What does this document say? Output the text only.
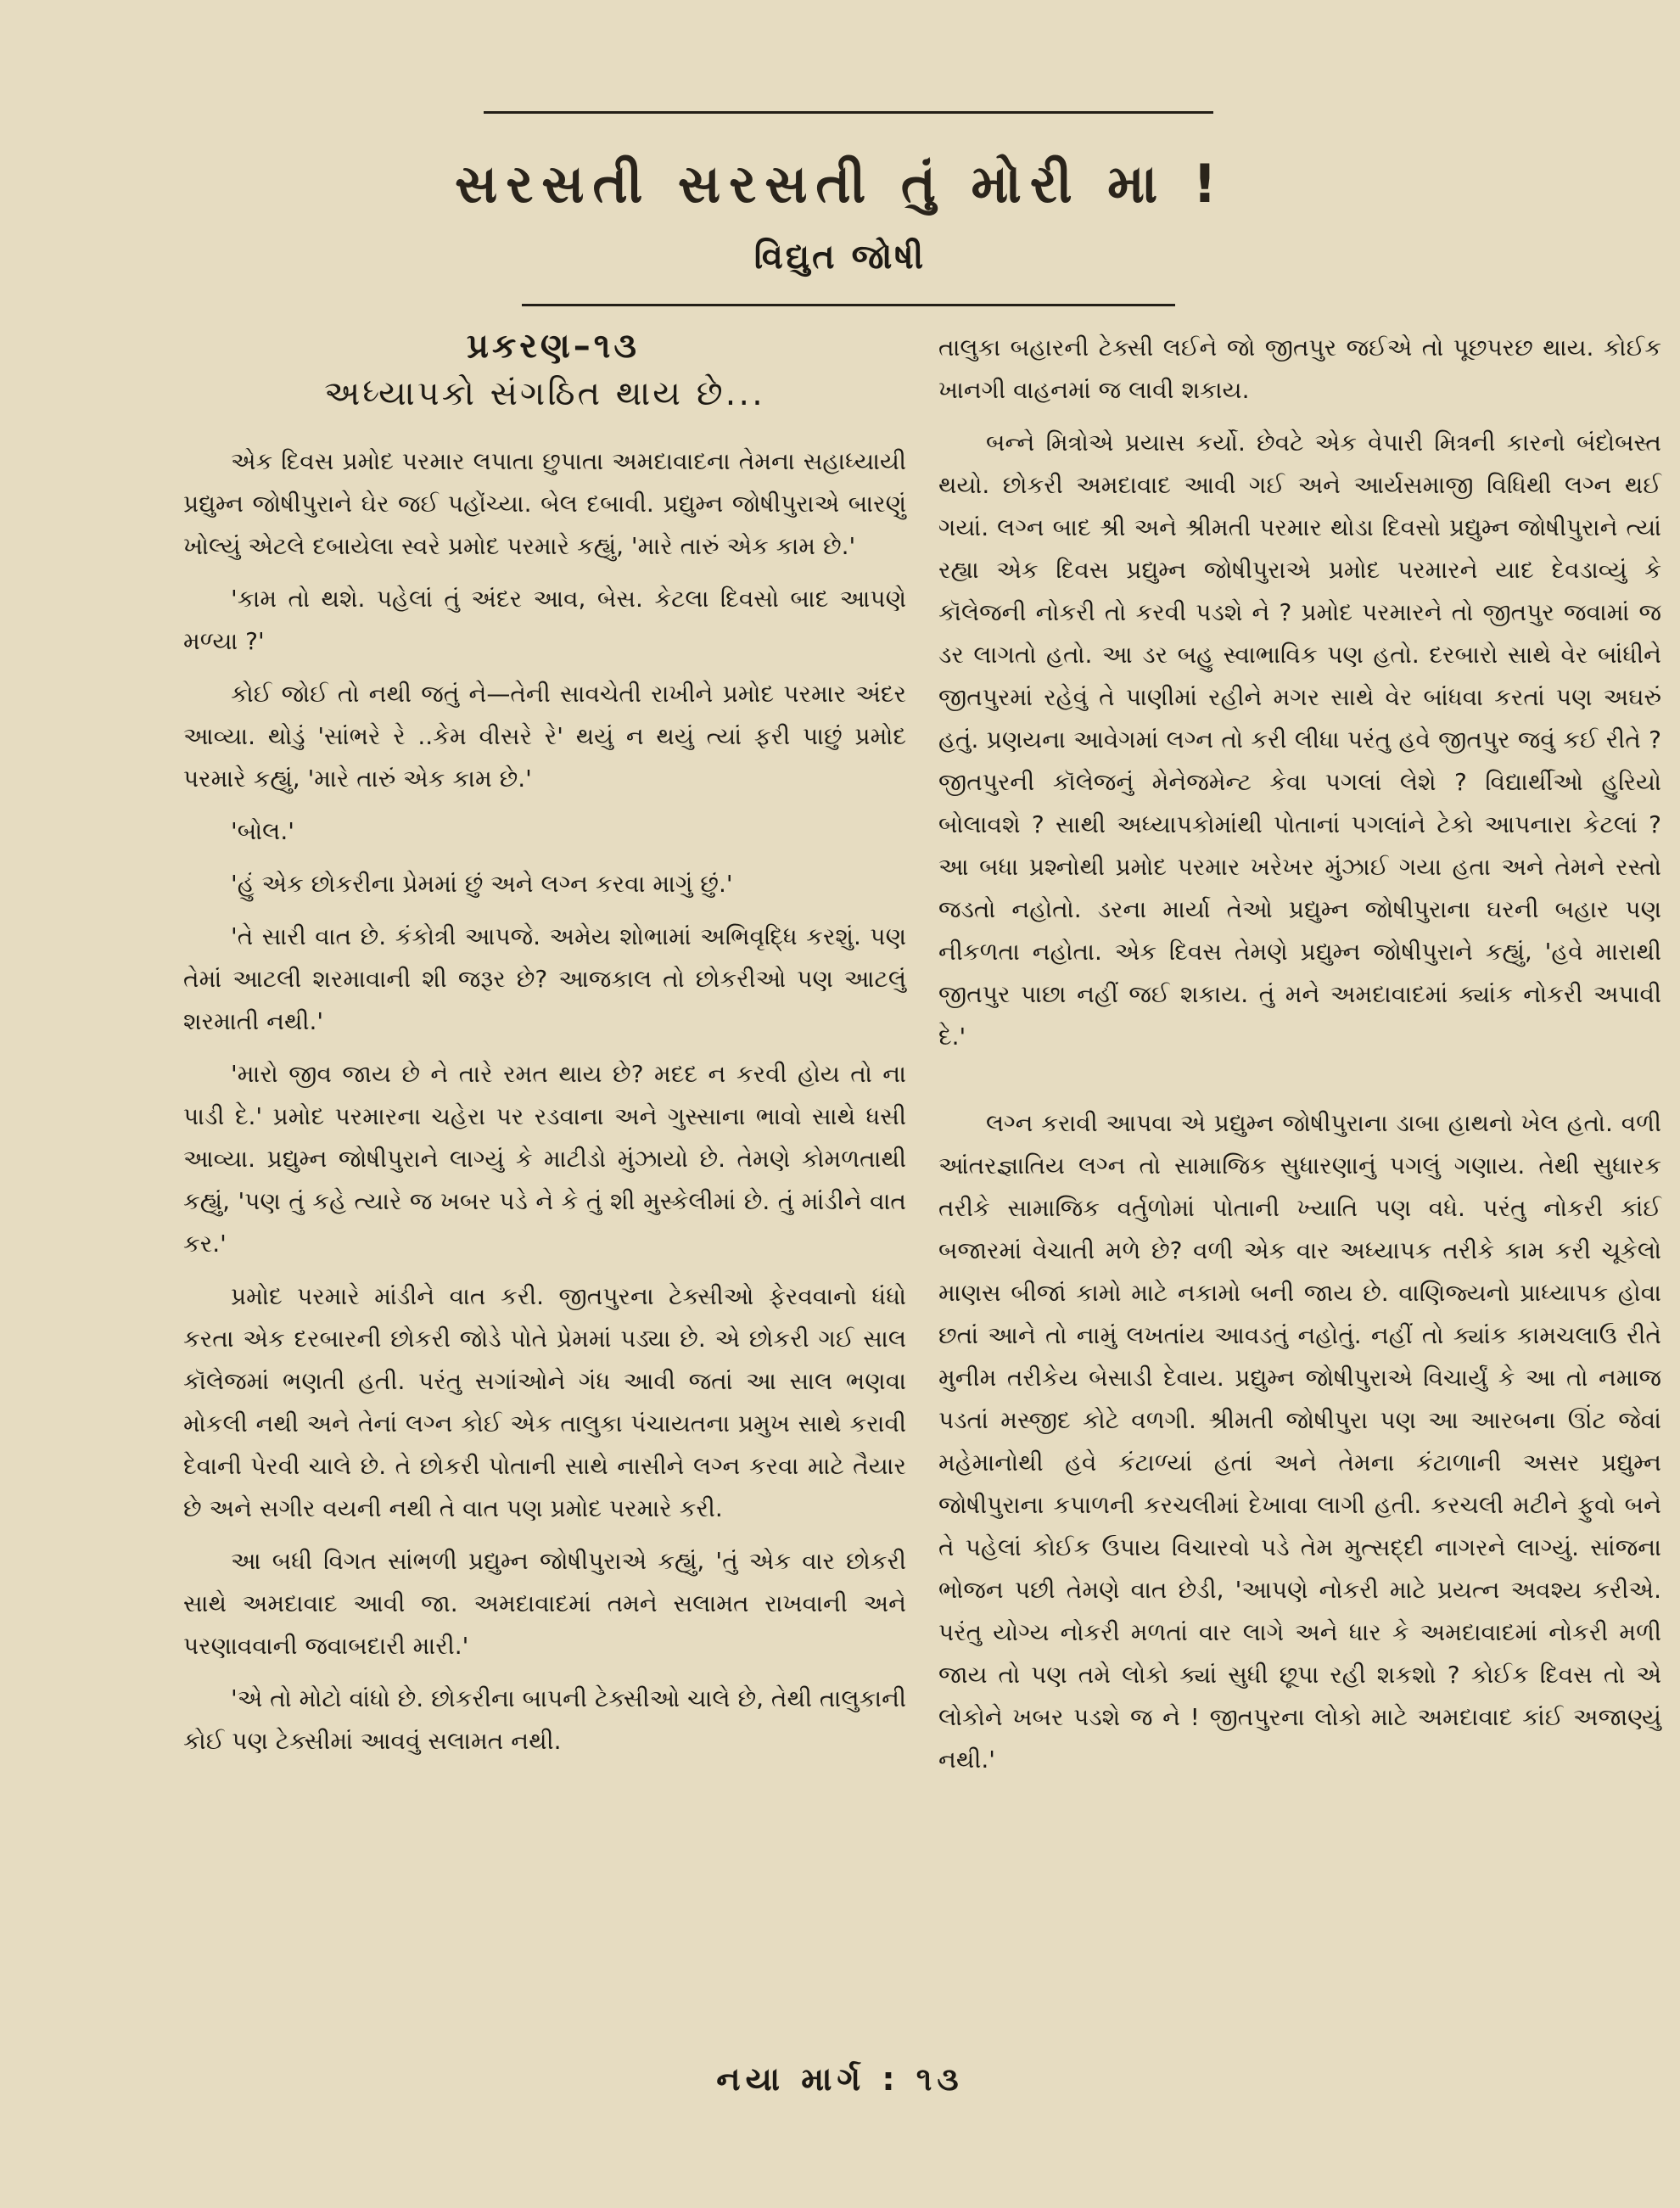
સરસતી સરસતી તું મોરી મા !
વિદ્યુત જોષી
પ્રકરણ–૧૩
અધ્યાપકો સંગઠિત થાય છે...

એક દિવસ પ્રમોદ પરમાર લપાતા છુપાતા અમદાવાદના તેમના સહાધ્યાયી પ્રદ્યુમ્ન જોષીપુરાને ઘેર જઈ પહોંચ્યા. બેલ દબાવી. પ્રદ્યુમ્ન જોષીપુરાએ બારણું ખોલ્યું એટલે દબાયેલા સ્વરે પ્રમોદ પરમારે કહ્યું, 'મારે તારું એક કામ છે.'

'કામ તો થશે. પહેલાં તું અંદર આવ, બેસ. કેટલા દિવસો બાદ આપણે મળ્યા ?'

કોઈ જોઈ તો નથી જતું ને—તેની સાવચેતી રાખીને પ્રમોદ પરમાર અંદર આવ્યા. થોડું 'સાંભરે રે ..કેમ વીસરે રે' થયું ન થયું ત્યાં ફરી પાછું પ્રમોદ પરમારે કહ્યું, 'મારે તારું એક કામ છે.'

'બોલ.'

'હું એક છોકરીના પ્રેમમાં છું અને લગ્ન કરવા માગું છું.'

'તે સારી વાત છે. કંકોત્રી આપજે. અમેય શોભામાં અભિવૃદ્ધિ કરશું. પણ તેમાં આટલી શરમાવાની શી જરૂર છે? આજકાલ તો છોકરીઓ પણ આટલું શરમાતી નથી.'

'મારો જીવ જાય છે ને તારે રમત થાય છે? મદદ ન કરવી હોય તો ના પાડી દે.' પ્રમોદ પરમારના ચહેરા પર રડવાના અને ગુસ્સાના ભાવો સાથે ધસી આવ્યા. પ્રદ્યુમ્ન જોષીપુરાને લાગ્યું કે માટીડો મુંઝાયો છે. તેમણે કોમળતાથી કહ્યું, 'પણ તું કહે ત્યારે જ ખબર પડે ને કે તું શી મુસ્કેલીમાં છે. તું માંડીને વાત કર.'

પ્રમોદ પરમારે માંડીને વાત કરી. જીતપુરના ટેક્સીઓ ફેરવવાનો ધંધો કરતા એક દરબારની છોકરી જોડે પોતે પ્રેમમાં પડ્યા છે. એ છોકરી ગઈ સાલ કૉલેજમાં ભણતી હતી. પરંતુ સગાંઓને ગંધ આવી જતાં આ સાલ ભણવા મોકલી નથી અને તેનાં લગ્ન કોઈ એક તાલુકા પંચાયતના પ્રમુખ સાથે કરાવી દેવાની પેરવી ચાલે છે. તે છોકરી પોતાની સાથે નાસીને લગ્ન કરવા માટે તૈયાર છે અને સગીર વયની નથી તે વાત પણ પ્રમોદ પરમારે કરી.

આ બધી વિગત સાંભળી પ્રદ્યુમ્ન જોષીપુરાએ કહ્યું, 'તું એક વાર છોકરી સાથે અમદાવાદ આવી જા. અમદાવાદમાં તમને સલામત રાખવાની અને પરણાવવાની જવાબદારી મારી.'

'એ તો મોટો વાંધો છે. છોકરીના બાપની ટેક્સીઓ ચાલે છે, તેથી તાલુકાની કોઈ પણ ટેક્સીમાં આવવું સલામત નથી.

તાલુકા બહારની ટેક્સી લઈને જો જીતપુર જઈએ તો પૂછપરછ થાય. કોઈક ખાનગી વાહનમાં જ લાવી શકાય.

બન્ને મિત્રોએ પ્રયાસ કર્યો. છેવટે એક વેપારી મિત્રની કારનો બંદોબસ્ત થયો. છોકરી અમદાવાદ આવી ગઈ અને આર્યસમાજી વિધિથી લગ્ન થઈ ગયાં. લગ્ન બાદ શ્રી અને શ્રીમતી પરમાર થોડા દિવસો પ્રદ્યુમ્ન જોષીપુરાને ત્યાં રહ્યા એક દિવસ પ્રદ્યુમ્ન જોષીપુરાએ પ્રમોદ પરમારને યાદ દેવડાવ્યું કે કૉલેજની નોકરી તો કરવી પડશે ને ? પ્રમોદ પરમારને તો જીતપુર જવામાં જ ડર લાગતો હતો. આ ડર બહુ સ્વાભાવિક પણ હતો. દરબારો સાથે વેર બાંધીને જીતપુરમાં રહેવું તે પાણીમાં રહીને મગર સાથે વેર બાંધવા કરતાં પણ અઘરું હતું. પ્રણયના આવેગમાં લગ્ન તો કરી લીધા પરંતુ હવે જીતપુર જવું કઈ રીતે ? જીતપુરની કૉલેજનું મેનેજમેન્ટ કેવા પગલાં લેશે ? વિદ્યાર્થીઓ હુરિયો બોલાવશે ? સાથી અધ્યાપકોમાંથી પોતાનાં પગલાંને ટેકો આપનારા કેટલાં ? આ બધા પ્રશ્નોથી પ્રમોદ પરમાર ખરેખર મુંઝાઈ ગયા હતા અને તેમને રસ્તો જડતો નહોતો. ડરના માર્યા તેઓ પ્રદ્યુમ્ન જોષીપુરાના ઘરની બહાર પણ નીકળતા નહોતા. એક દિવસ તેમણે પ્રદ્યુમ્ન જોષીપુરાને કહ્યું, 'હવે મારાથી જીતપુર પાછા નહીં જઈ શકાય. તું મને અમદાવાદમાં ક્યાંક નોકરી અપાવી દે.'

લગ્ન કરાવી આપવા એ પ્રદ્યુમ્ન જોષીપુરાના ડાબા હાથનો ખેલ હતો. વળી આંતરજ્ઞાતિય લગ્ન તો સામાજિક સુધારણાનું પગલું ગણાય. તેથી સુધારક તરીકે સામાજિક વર્તુળોમાં પોતાની ખ્યાતિ પણ વધે. પરંતુ નોકરી કાંઈ બજારમાં વેચાતી મળે છે? વળી એક વાર અધ્યાપક તરીકે કામ કરી ચૂકેલો માણસ બીજાં કામો માટે નકામો બની જાય છે. વાણિજ્યનો પ્રાધ્યાપક હોવા છતાં આને તો નામું લખતાંય આવડતું નહોતું. નહીં તો ક્યાંક કામચલાઉ રીતે મુનીમ તરીકેય બેસાડી દેવાય. પ્રદ્યુમ્ન જોષીપુરાએ વિચાર્યું કે આ તો નમાજ પડતાં મસ્જીદ કોટે વળગી. શ્રીમતી જોષીપુરા પણ આ આરબના ઊંટ જેવાં મહેમાનોથી હવે કંટાળ્યાં હતાં અને તેમના કંટાળાની અસર પ્રદ્યુમ્ન જોષીપુરાના કપાળની કરચલીમાં દેખાવા લાગી હતી. કરચલી મટીને ફુવો બને તે પહેલાં કોઈક ઉપાય વિચારવો પડે તેમ મુત્સદ્દી નાગરને લાગ્યું. સાંજના ભોજન પછી તેમણે વાત છેડી, 'આપણે નોકરી માટે પ્રયત્ન અવશ્ય કરીએ. પરંતુ યોગ્ય નોકરી મળતાં વાર લાગે અને ધાર કે અમદાવાદમાં નોકરી મળી જાય તો પણ તમે લોકો ક્યાં સુધી છૂપા રહી શકશો ? કોઈક દિવસ તો એ લોકોને ખબર પડશે જ ને ! જીતપુરના લોકો માટે અમદાવાદ કાંઈ અજાણ્યું નથી.'

નયા માર્ગ : ૧૩
